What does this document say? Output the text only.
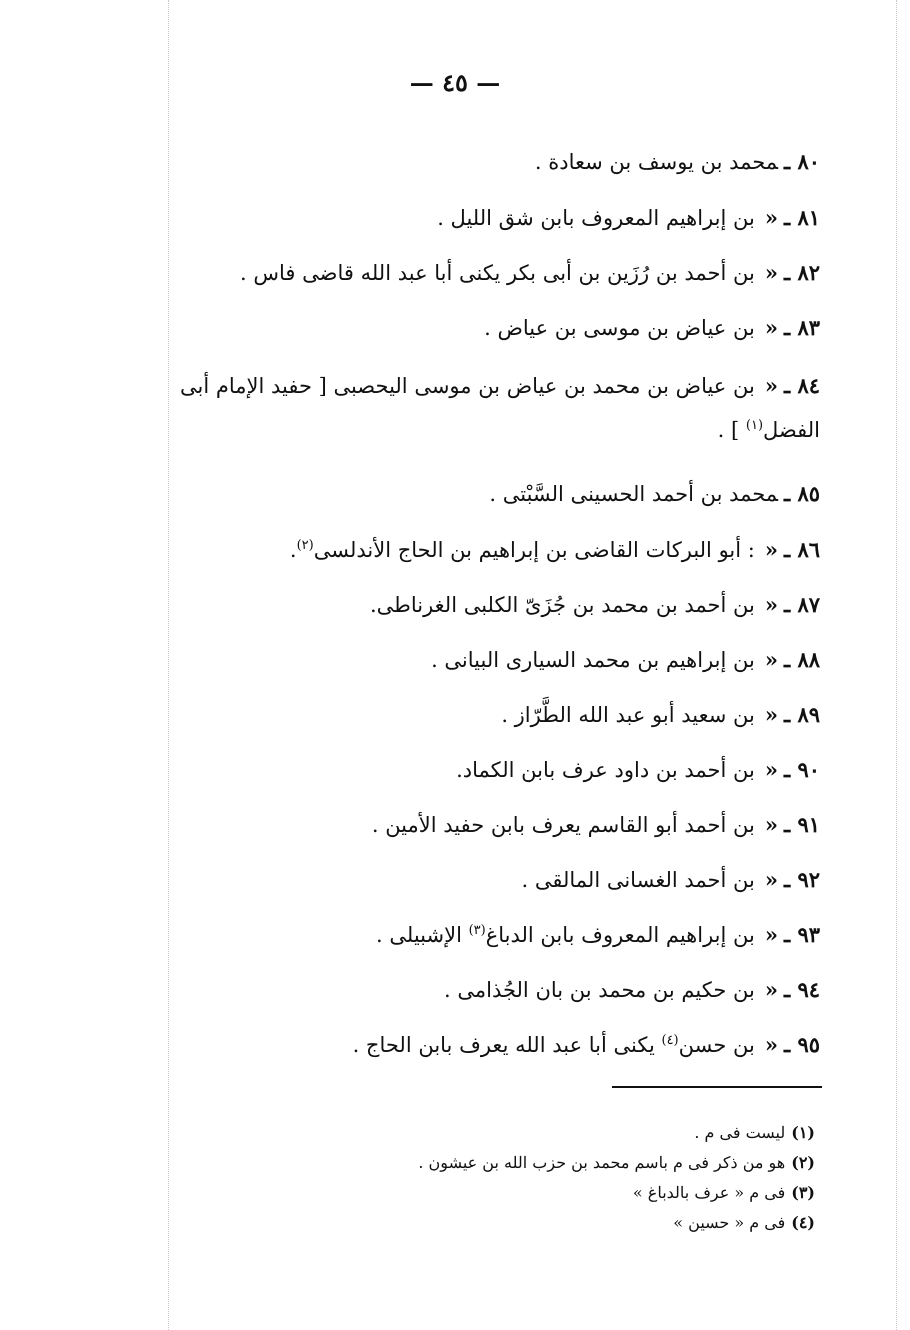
— ٤٥ —
٨٠ ـمحمد بن يوسف بن سعادة .
٨١ ـ«بن إبراهيم المعروف بابن شق الليل .
٨٢ ـ«بن أحمد بن رُزَين بن أبى بكر يكنى أبا عبد الله قاضى فاس .
٨٣ ـ«بن عياض بن موسى بن عياض .
٨٤ ـ«بن عياض بن محمد بن عياض بن موسى اليحصبى [ حفيد الإمام أبى الفضل$^{(١)}$ ] .
٨٥ ـمحمد بن أحمد الحسينى السَّبْتى .
٨٦ ـ«: أبو البركات القاضى بن إبراهيم بن الحاج الأندلسى$^{(٢)}$.
٨٧ ـ«بن أحمد بن محمد بن جُزَىّ الكلبى الغرناطى.
٨٨ ـ«بن إبراهيم بن محمد السيارى البيانى .
٨٩ ـ«بن سعيد أبو عبد الله الطَّرّاز .
٩٠ ـ«بن أحمد بن داود عرف بابن الكماد.
٩١ ـ«بن أحمد أبو القاسم يعرف بابن حفيد الأمين .
٩٢ ـ«بن أحمد الغسانى المالقى .
٩٣ ـ«بن إبراهيم المعروف بابن الدباغ$^{(٣)}$ الإشبيلى .
٩٤ ـ«بن حكيم بن محمد بن بان الجُذامى .
٩٥ ـ«بن حسن$^{(٤)}$ يكنى أبا عبد الله يعرف بابن الحاج .
(١)ليست فى م .
(٢)هو من ذكر فى م باسم محمد بن حزب الله بن عيشون .
(٣)فى م « عرف بالدباغ »
(٤)فى م « حسين »
